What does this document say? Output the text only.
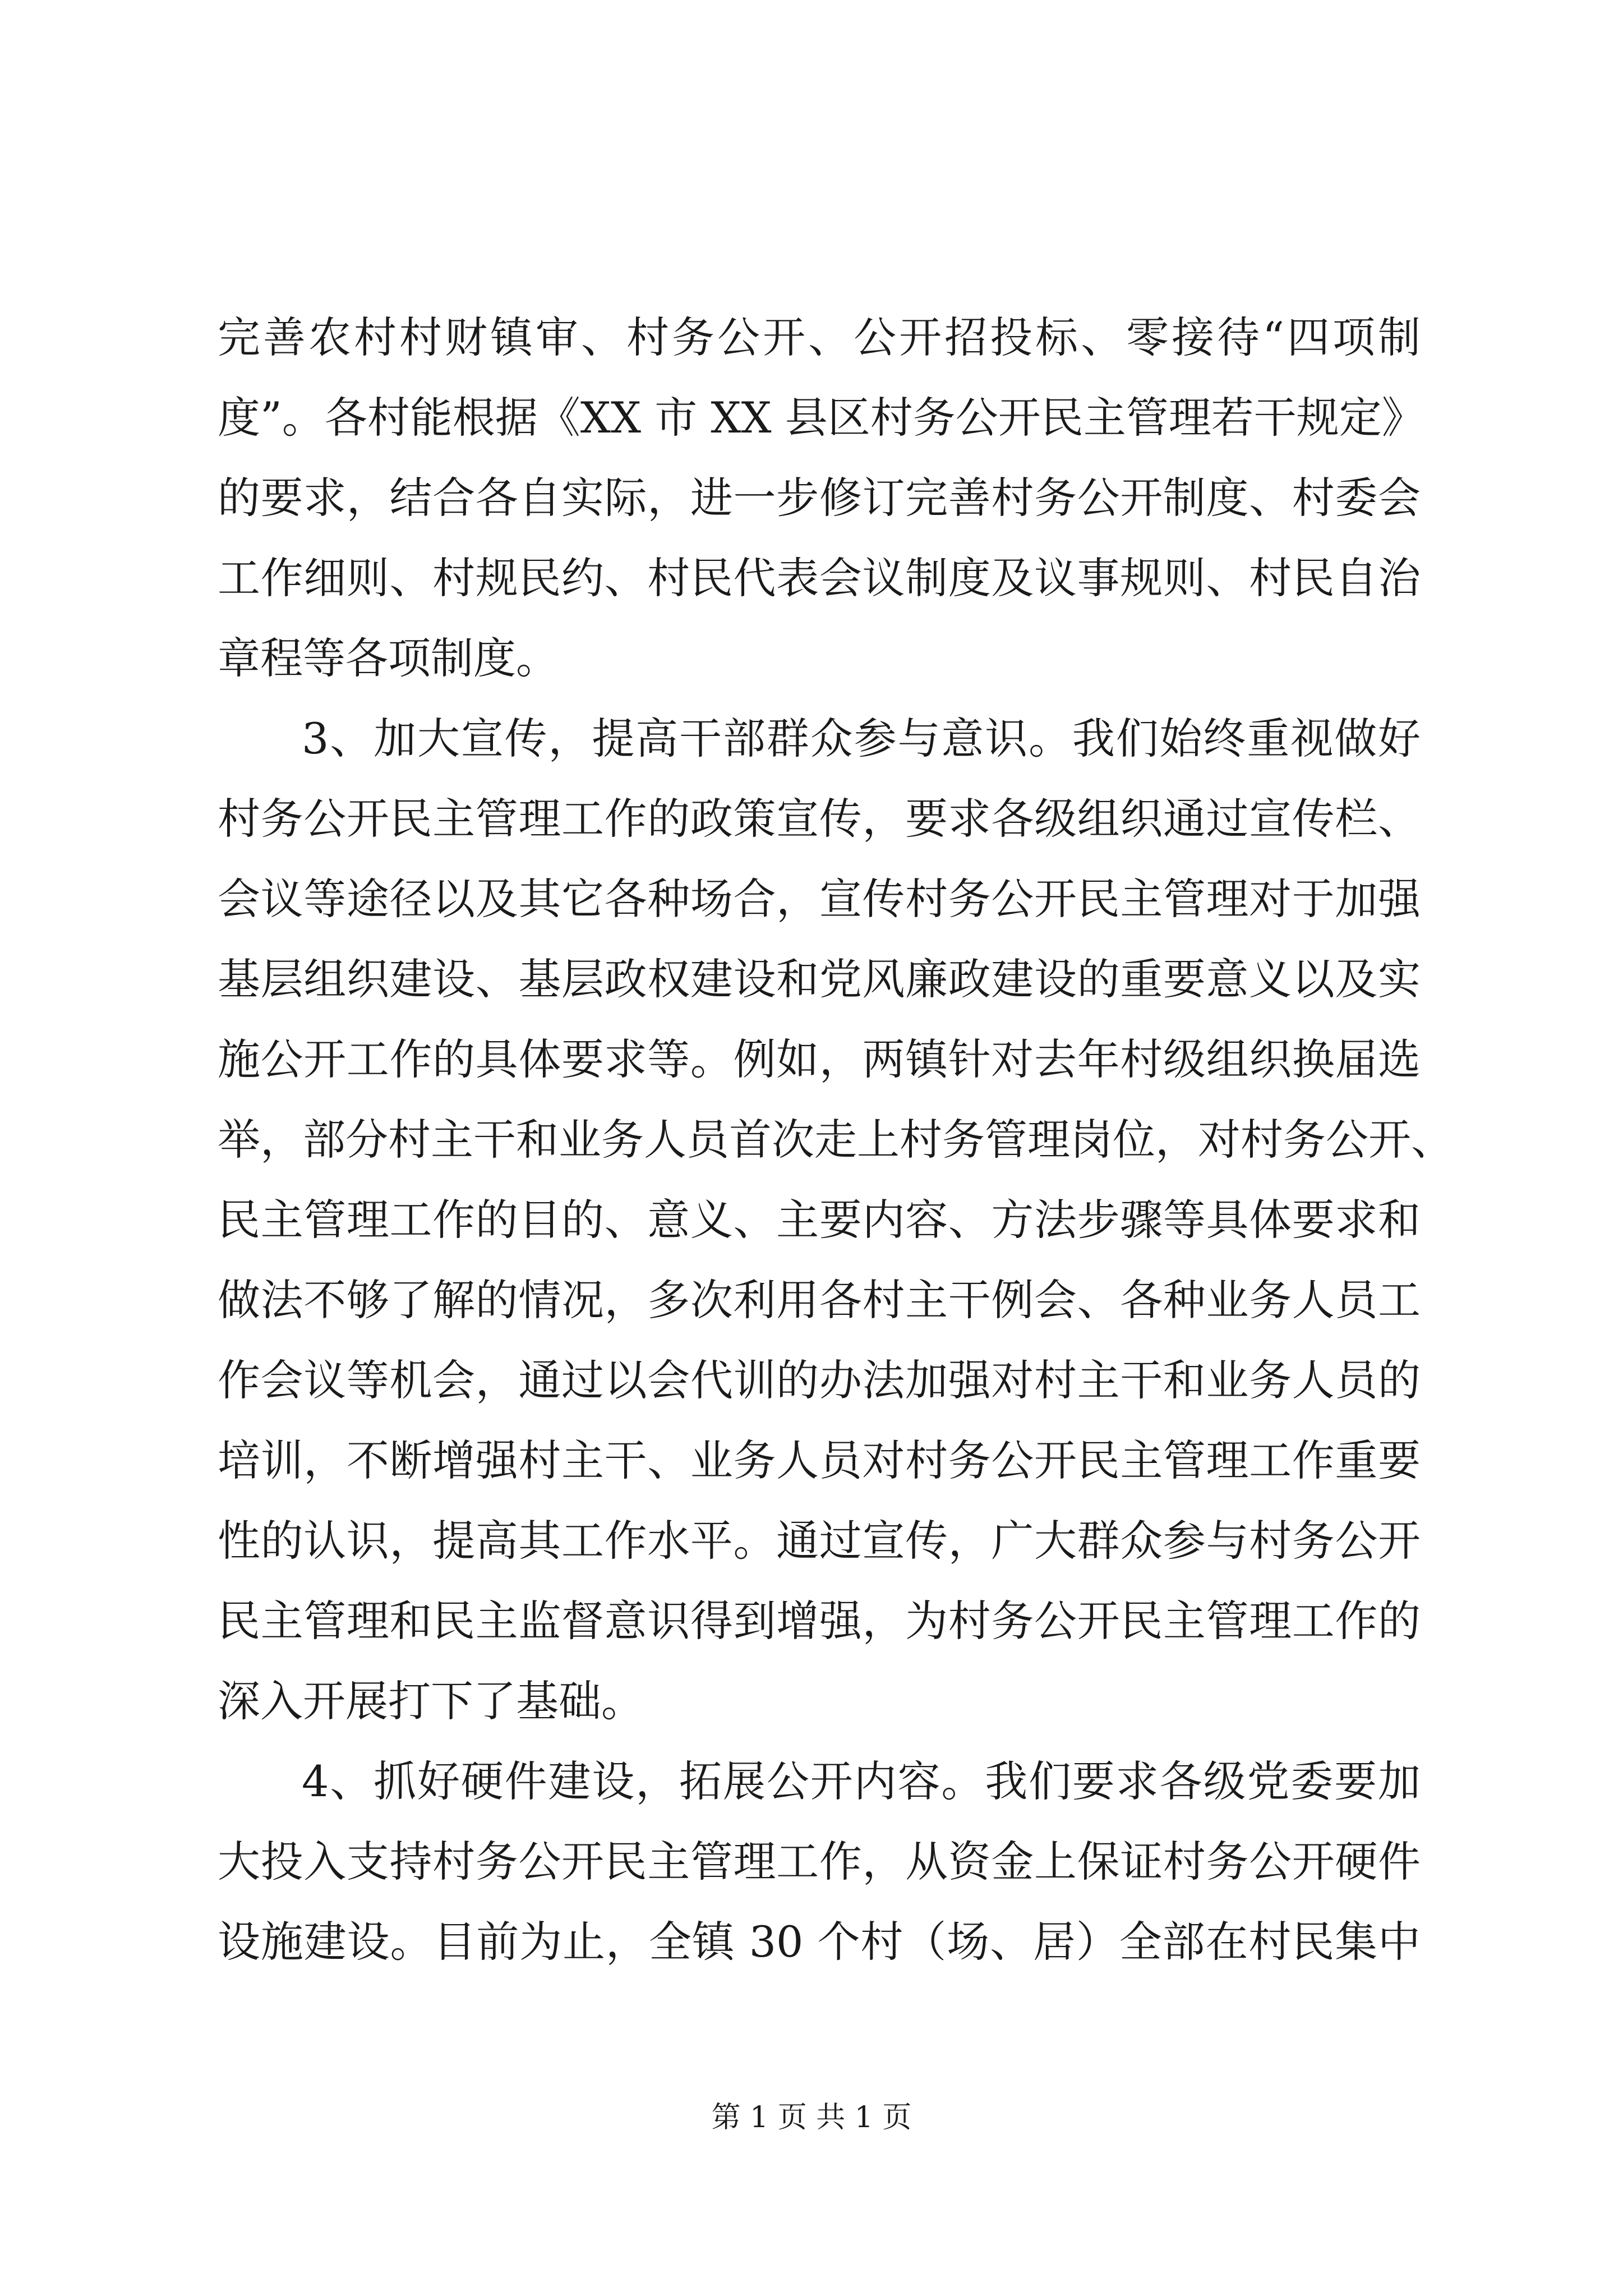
完善农村村财镇审、村务公开、公开招投标、零接待“四项制
度”。各村能根据《XX 市 XX 县区村务公开民主管理若干规定》
的要求，结合各自实际，进一步修订完善村务公开制度、村委会
工作细则、村规民约、村民代表会议制度及议事规则、村民自治
章程等各项制度。
3、加大宣传，提高干部群众参与意识。我们始终重视做好
村务公开民主管理工作的政策宣传，要求各级组织通过宣传栏、
会议等途径以及其它各种场合，宣传村务公开民主管理对于加强
基层组织建设、基层政权建设和党风廉政建设的重要意义以及实
施公开工作的具体要求等。例如，两镇针对去年村级组织换届选
举，部分村主干和业务人员首次走上村务管理岗位，对村务公开、
民主管理工作的目的、意义、主要内容、方法步骤等具体要求和
做法不够了解的情况，多次利用各村主干例会、各种业务人员工
作会议等机会，通过以会代训的办法加强对村主干和业务人员的
培训，不断增强村主干、业务人员对村务公开民主管理工作重要
性的认识，提高其工作水平。通过宣传，广大群众参与村务公开
民主管理和民主监督意识得到增强，为村务公开民主管理工作的
深入开展打下了基础。
4、抓好硬件建设，拓展公开内容。我们要求各级党委要加
大投入支持村务公开民主管理工作，从资金上保证村务公开硬件
设施建设。目前为止，全镇 30 个村（场、居）全部在村民集中
第 1 页 共 1 页
